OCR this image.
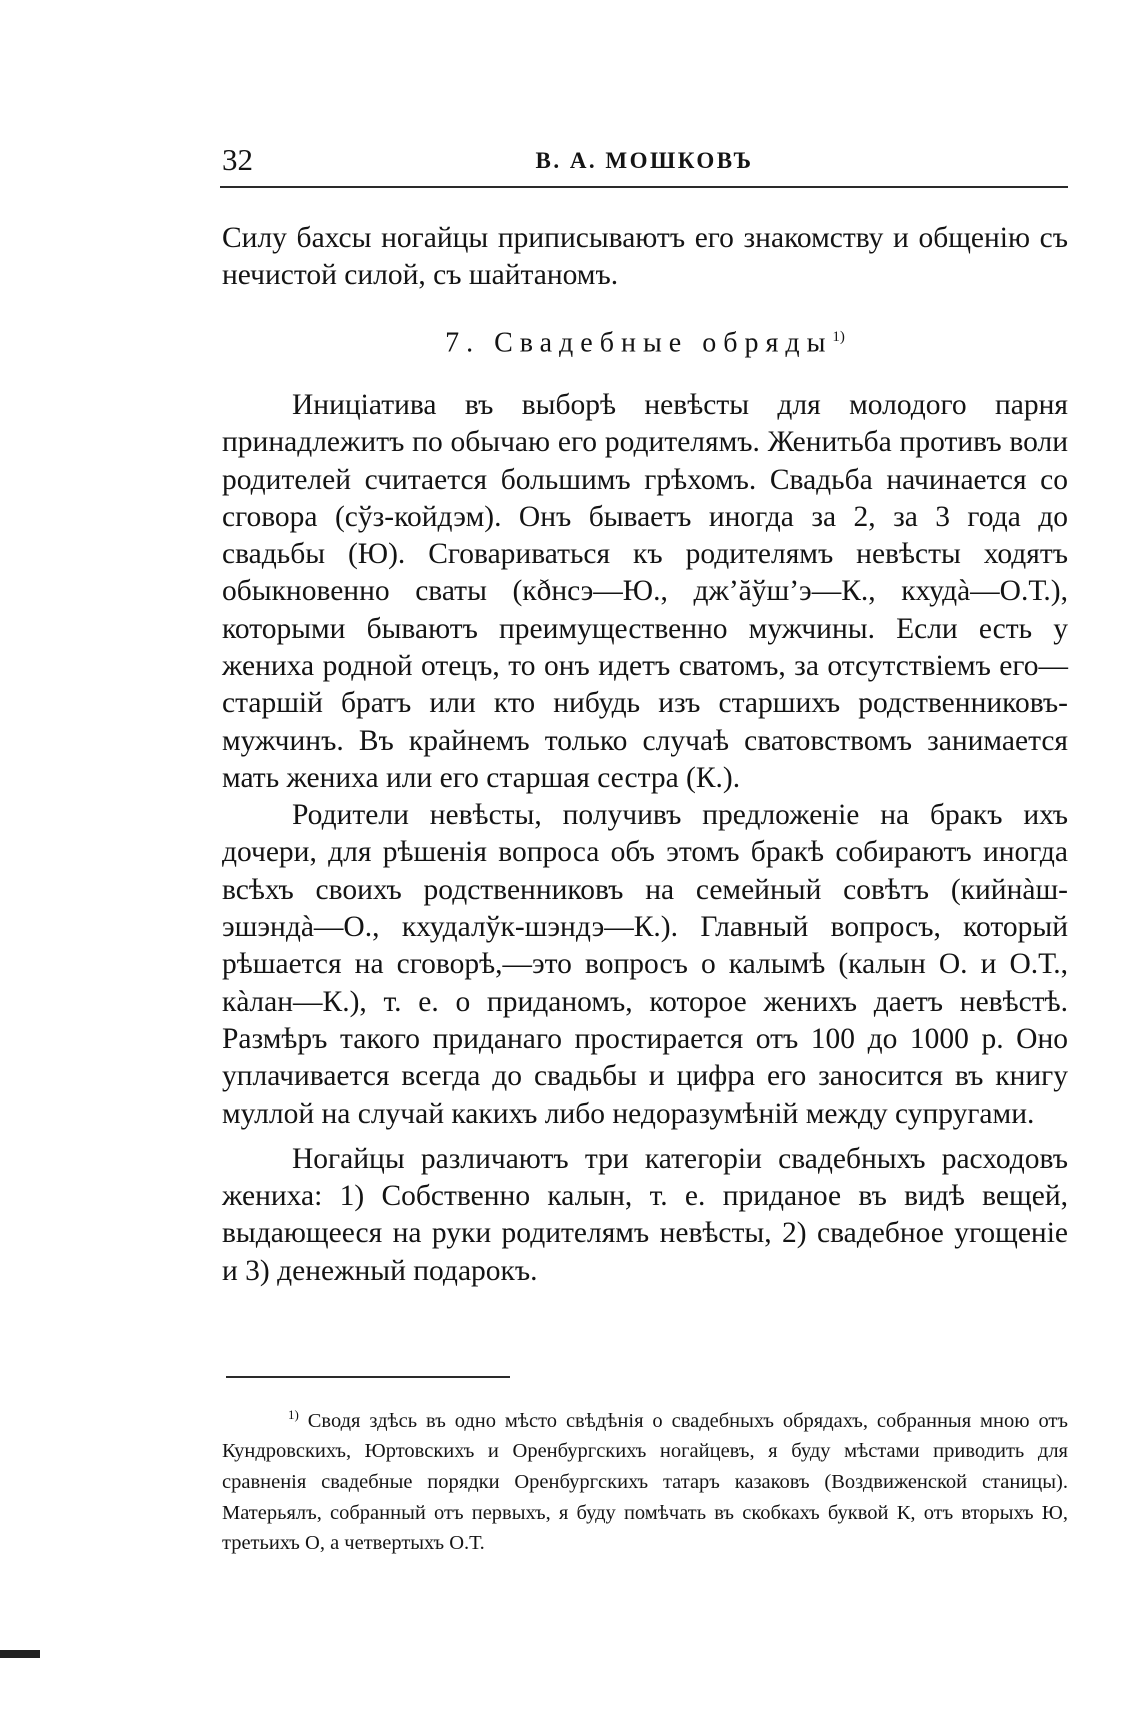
32	В. А. МОШКОВЪ

Силу бахсы ногайцы приписываютъ его знакомству и общенію съ нечистой силой, съ шайтаномъ.

7. Свадебные обряды$^{1)}$

Иниціатива въ выборѣ невѣсты для молодого парня принадлежитъ по обычаю его родителямъ. Женитьба противъ воли родителей считается большимъ грѣхомъ. Свадьба начинается со сговора (сўз-койдэм). Онъ бываетъ иногда за 2, за 3 года до свадьбы (Ю). Сговариваться къ родителямъ невѣсты ходятъ обыкновенно сваты (кðнсэ—Ю., дж’ăўш’э—К., кхудà—О.Т.), которыми бываютъ преимущественно мужчины. Если есть у жениха родной отецъ, то онъ идетъ сватомъ, за отсутствіемъ его—старшій братъ или кто нибудь изъ старшихъ родственниковъ-мужчинъ. Въ крайнемъ только случаѣ сватовствомъ занимается мать жениха или его старшая сестра (К.).

Родители невѣсты, получивъ предложеніе на бракъ ихъ дочери, для рѣшенія вопроса объ этомъ бракѣ собираютъ иногда всѣхъ своихъ родственниковъ на семейный совѣтъ (кийнàш-эшэндà—О., кхудалўк-шэндэ—К.). Главный вопросъ, который рѣшается на сговорѣ,—это вопросъ о калымѣ (калын О. и О.Т., кàлан—К.), т. е. о приданомъ, которое женихъ даетъ невѣстѣ. Размѣръ такого приданаго простирается отъ 100 до 1000 р. Оно уплачивается всегда до свадьбы и цифра его заносится въ книгу муллой на случай какихъ либо недоразумѣній между супругами.

Ногайцы различаютъ три категоріи свадебныхъ расходовъ жениха: 1) Собственно калын, т. е. приданое въ видѣ вещей, выдающееся на руки родителямъ невѣсты, 2) свадебное угощеніе и 3) денежный подарокъ.

$^{1)}$ Сводя здѣсь въ одно мѣсто свѣдѣнія о свадебныхъ обрядахъ, собранныя мною отъ Кундровскихъ, Юртовскихъ и Оренбургскихъ ногайцевъ, я буду мѣстами приводить для сравненія свадебные порядки Оренбургскихъ татаръ казаковъ (Воздвиженской станицы). Матерьялъ, собранный отъ первыхъ, я буду помѣчать въ скобкахъ буквой К, отъ вторыхъ Ю, третьихъ О, а четвертыхъ О.Т.
